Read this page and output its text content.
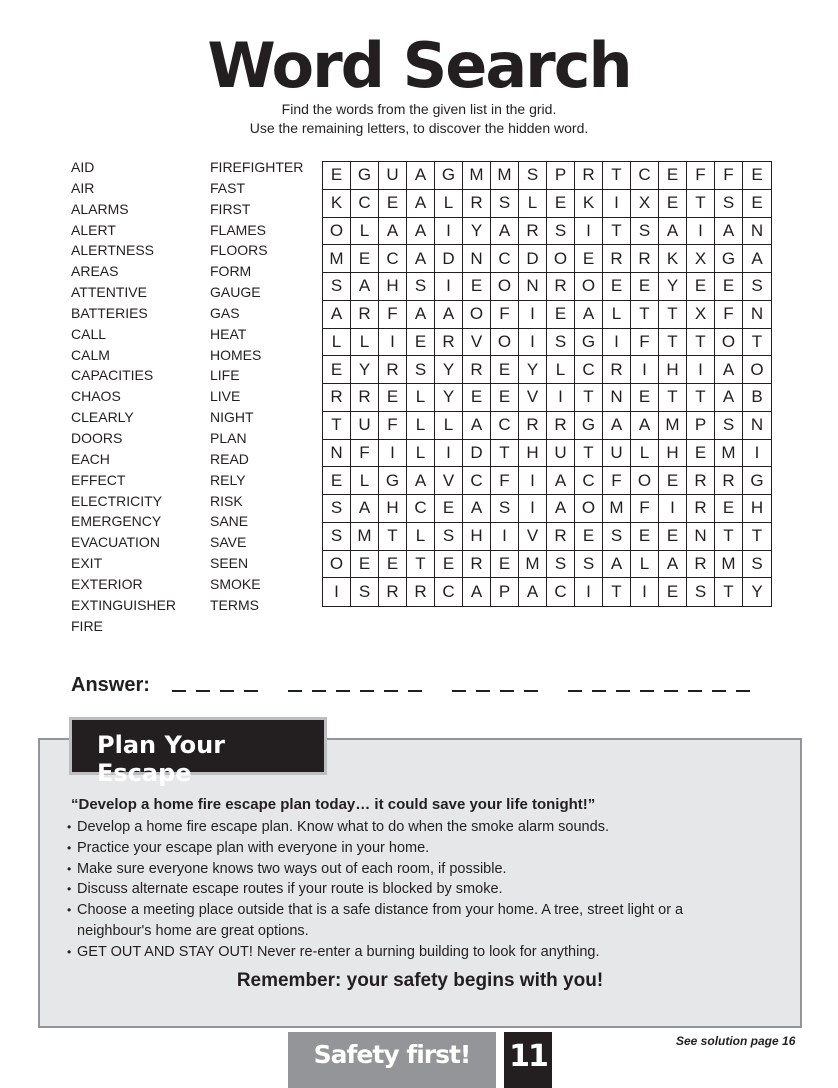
Word Search
Find the words from the given list in the grid.
Use the remaining letters, to discover the hidden word.
AID
AIR
ALARMS
ALERT
ALERTNESS
AREAS
ATTENTIVE
BATTERIES
CALL
CALM
CAPACITIES
CHAOS
CLEARLY
DOORS
EACH
EFFECT
ELECTRICITY
EMERGENCY
EVACUATION
EXIT
EXTERIOR
EXTINGUISHER
FIRE
FIREFIGHTER
FAST
FIRST
FLAMES
FLOORS
FORM
GAUGE
GAS
HEAT
HOMES
LIFE
LIVE
NIGHT
PLAN
READ
RELY
RISK
SANE
SAVE
SEEN
SMOKE
TERMS
E G U A G M M S P R T C E	F	F	E
K C E A	L	R S	L	E K	I	X E	T	S	E
O L	A A	I	Y A R S	I	T	S A	I	A N
M E C A D N C D O E R R K X G A
S A H S	I	E O N R O E E Y E E	S
A R F	A A O F	I	E A	L	T	T	X	F	N
L	L	I	E R V O	I	S G	I	F	T	T O T
E Y R S Y R E Y	L	C R	I	H	I	A O
R R E	L	Y E E V	I	T N E	T	T	A	B
T U F	L	L	A C R R G A A M P S N
N F	I	L	I	D T H U T U	L	H E M	I
E	L G A V C F	I	A C F O E R R G
S A H C E A S	I	A O M F	I	R E H
S M T	L	S H	I	V R E S E E N T	T
O E E	T	E R E M S S A	L	A R M S
I	S R R C A P A C	I	T	I	E S	T	Y
Answer:
Plan Your Escape
“Develop a home fire escape plan today… it could save your life tonight!”
• Develop a home fire escape plan. Know what to do when the smoke alarm sounds.
• Practice your escape plan with everyone in your home.
• Make sure everyone knows two ways out of each room, if possible.
• Discuss alternate escape routes if your route is blocked by smoke.
• Choose a meeting place outside that is a safe distance from your home. A tree, street light or a neighbour's home are great options.
• GET OUT AND STAY OUT! Never re-enter a burning building to look for anything.
Remember: your safety begins with you!
Safety first!	11	See solution page 16
